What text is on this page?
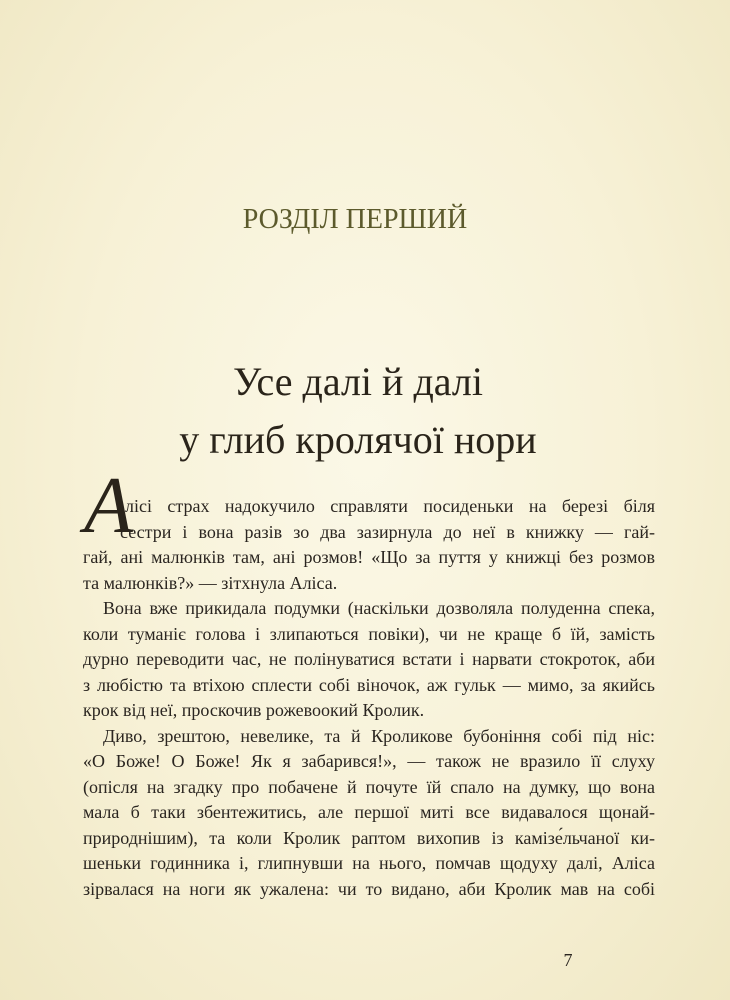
РОЗДІЛ ПЕРШИЙ
Усе далі й далі
у глиб кролячої нори
А
лісі страх надокучило справляти посиденьки на березі біля
сестри і вона разів зо два зазирнула до неї в книжку — гай-
гай, ані малюнків там, ані розмов! «Що за пуття у книжці без розмов
та малюнків?» — зітхнула Аліса.
Вона вже прикидала подумки (наскільки дозволяла полуденна спека,
коли туманіє голова і злипаються повіки), чи не краще б їй, замість
дурно переводити час, не полінуватися встати і нарвати стокроток, аби
з любістю та втіхою сплести собі віночок, аж гульк — мимо, за якийсь
крок від неї, проскочив рожевоокий Кролик.
Диво, зрештою, невелике, та й Кроликове бубоніння собі під ніс:
«О Боже! О Боже! Як я забарився!», — також не вразило її слуху
(опісля на згадку про побачене й почуте їй спало на думку, що вона
мала б таки збентежитись, але першої миті все видавалося щонай-
природнішим), та коли Кролик раптом вихопив із камізе́льчаної ки-
шеньки годинника і, глипнувши на нього, помчав щодуху далі, Аліса
зірвалася на ноги як ужалена: чи то видано, аби Кролик мав на собі
7
